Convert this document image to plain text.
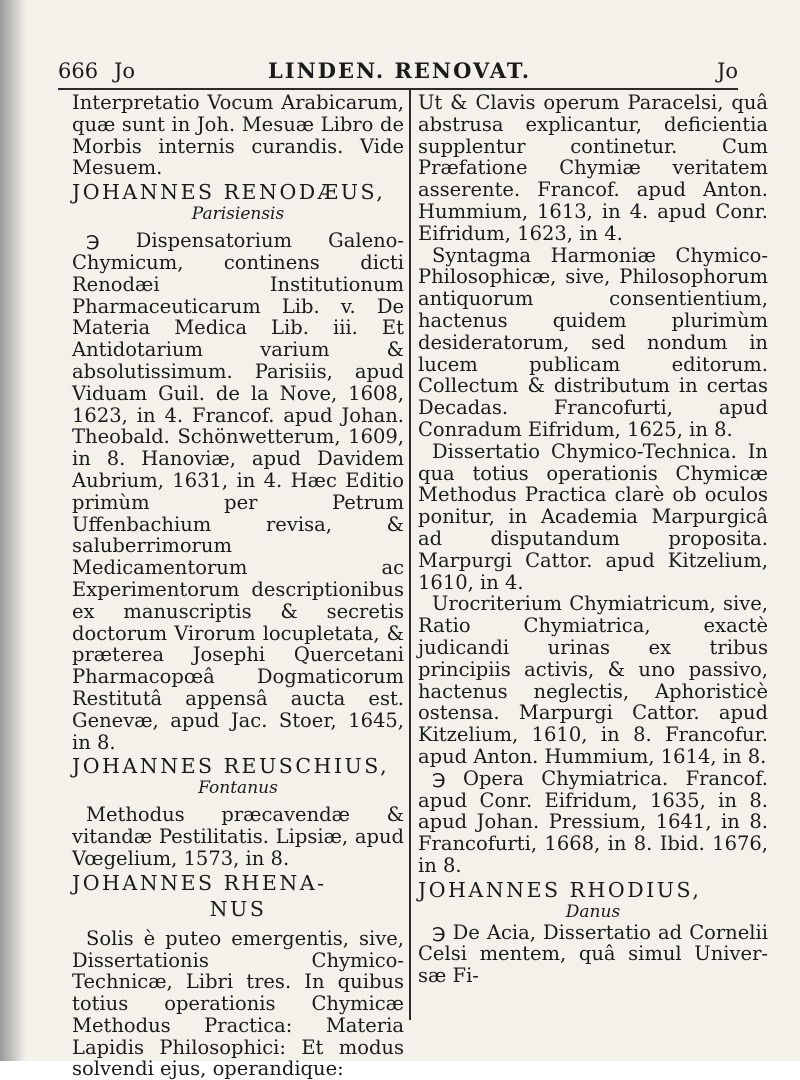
666 Jo	LINDEN. RENOVAT.	Jo
Interpretatio Vocum Arabicarum, quæ sunt in Joh. Mesuæ Libro de Morbis internis curandis. Vide Mesuem.
JOHANNES RENODÆUS,
Parisiensis
℈ Dispensatorium Galeno-Chymicum, continens dicti Renodæi Institutionum Pharmaceuticarum Lib. v. De Materia Medica Lib. iii. Et Antidotarium varium & absolutissimum. Parisiis, apud Viduam Guil. de la Nove, 1608, 1623, in 4. Francof. apud Johan. Theobald. Schönwetterum, 1609, in 8. Hanoviæ, apud Davidem Aubrium, 1631, in 4. Hæc Editio primùm per Petrum Uffenbachium revisa, & saluberrimorum Medicamentorum ac Experimentorum descriptionibus ex manuscriptis & secretis doctorum Virorum locupletata, & præterea Josephi Quercetani Pharmacopœâ Dogmaticorum Restitutâ appensâ aucta est. Genevæ, apud Jac. Stoer, 1645, in 8.
JOHANNES REUSCHIUS,
Fontanus
Methodus præcavendæ & vitandæ Pestilitatis. Lipsiæ, apud Vœgelium, 1573, in 8.
JOHANNES RHENA-
NUS
Solis è puteo emergentis, sive, Dissertationis Chymico-Technicæ, Libri tres. In quibus totius operationis Chymicæ Methodus Practica: Materia Lapidis Philosophici: Et modus solvendi ejus, operandique:
Ut & Clavis operum Paracelsi, quâ abstrusa explicantur, deficientia supplentur continetur. Cum Præfatione Chymiæ veritatem asserente. Francof. apud Anton. Hummium, 1613, in 4. apud Conr. Eifridum, 1623, in 4.
Syntagma Harmoniæ Chymico-Philosophicæ, sive, Philosophorum antiquorum consentientium, hactenus quidem plurimùm desideratorum, sed nondum in lucem publicam editorum. Collectum & distributum in certas Decadas. Francofurti, apud Conradum Eifridum, 1625, in 8.
Dissertatio Chymico-Technica. In qua totius operationis Chymicæ Methodus Practica clarè ob oculos ponitur, in Academia Marpurgicâ ad disputandum proposita. Marpurgi Cattor. apud Kitzelium, 1610, in 4.
Urocriterium Chymiatricum, sive, Ratio Chymiatrica, exactè judicandi urinas ex tribus principiis activis, & uno passivo, hactenus neglectis, Aphoristicè ostensa. Marpurgi Cattor. apud Kitzelium, 1610, in 8. Francofur. apud Anton. Hummium, 1614, in 8.
℈ Opera Chymiatrica. Francof. apud Conr. Eifridum, 1635, in 8. apud Johan. Pressium, 1641, in 8. Francofurti, 1668, in 8. Ibid. 1676, in 8.
JOHANNES RHODIUS,
Danus
℈ De Acia, Dissertatio ad Cornelii Celsi mentem, quâ simul Univer-sæ Fi-
